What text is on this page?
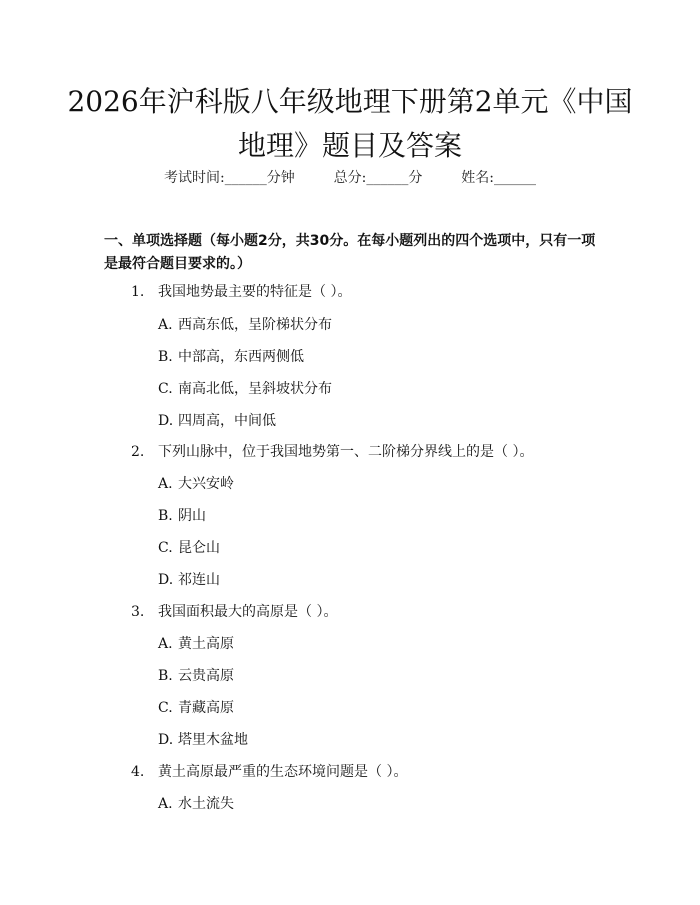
2026年沪科版八年级地理下册第2单元《中国地理》题目及答案
考试时间:______分钟	总分:______分	姓名:______
一、单项选择题（每小题2分，共30分。在每小题列出的四个选项中，只有一项是最符合题目要求的。）
1. 我国地势最主要的特征是（ ）。
A. 西高东低，呈阶梯状分布
B. 中部高，东西两侧低
C. 南高北低，呈斜坡状分布
D. 四周高，中间低
2. 下列山脉中，位于我国地势第一、二阶梯分界线上的是（ ）。
A. 大兴安岭
B. 阴山
C. 昆仑山
D. 祁连山
3. 我国面积最大的高原是（ ）。
A. 黄土高原
B. 云贵高原
C. 青藏高原
D. 塔里木盆地
4. 黄土高原最严重的生态环境问题是（ ）。
A. 水土流失
